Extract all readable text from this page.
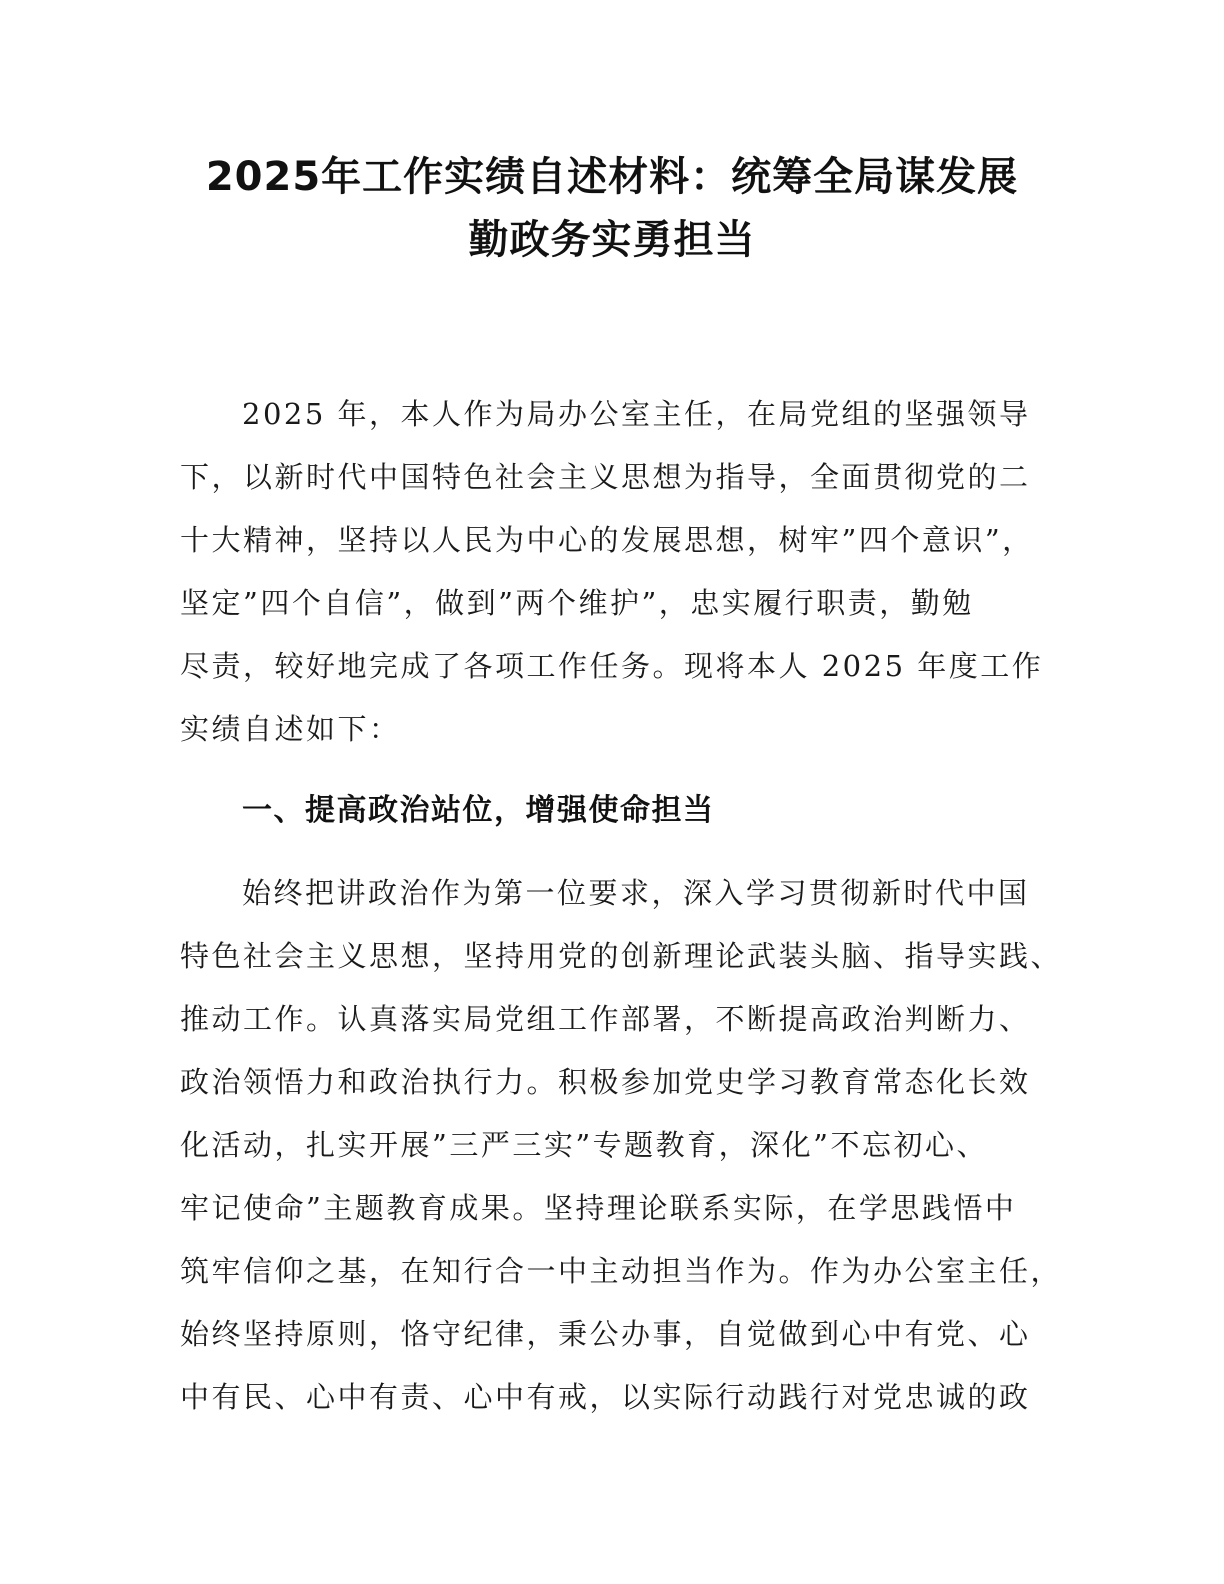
2025年工作实绩自述材料：统筹全局谋发展
勤政务实勇担当
2025 年，本人作为局办公室主任，在局党组的坚强领导
下，以新时代中国特色社会主义思想为指导，全面贯彻党的二
十大精神，坚持以人民为中心的发展思想，树牢”四个意识”，
坚定”四个自信”，做到”两个维护”，忠实履行职责，勤勉
尽责，较好地完成了各项工作任务。现将本人 2025 年度工作
实绩自述如下：
一、提高政治站位，增强使命担当
始终把讲政治作为第一位要求，深入学习贯彻新时代中国
特色社会主义思想，坚持用党的创新理论武装头脑、指导实践、
推动工作。认真落实局党组工作部署，不断提高政治判断力、
政治领悟力和政治执行力。积极参加党史学习教育常态化长效
化活动，扎实开展”三严三实”专题教育，深化”不忘初心、
牢记使命”主题教育成果。坚持理论联系实际，在学思践悟中
筑牢信仰之基，在知行合一中主动担当作为。作为办公室主任，
始终坚持原则，恪守纪律，秉公办事，自觉做到心中有党、心
中有民、心中有责、心中有戒，以实际行动践行对党忠诚的政
